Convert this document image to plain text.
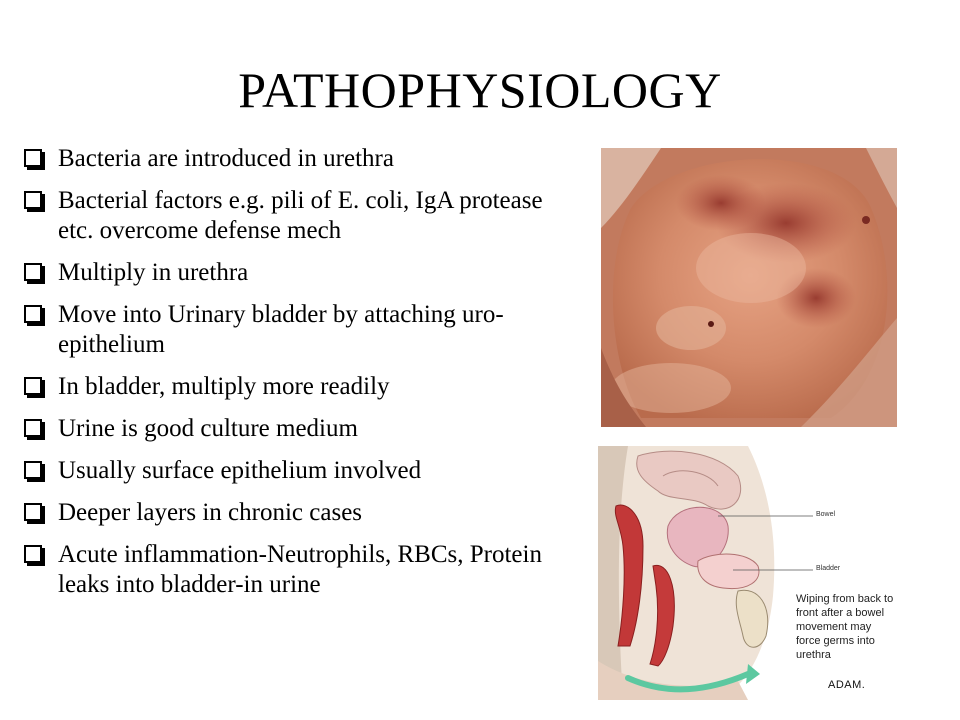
PATHOPHYSIOLOGY
Bacteria are introduced in urethra
Bacterial factors e.g. pili of E. coli, IgA protease etc. overcome defense mech
Multiply in urethra
Move into Urinary bladder by attaching uro-epithelium
In bladder, multiply more readily
Urine is good culture medium
Usually surface epithelium involved
Deeper layers in chronic cases
Acute inflammation-Neutrophils, RBCs, Protein leaks into bladder-in urine
Bowel
Bladder
Wiping from back to front after a bowel movement may force germs into urethra
ADAM.
